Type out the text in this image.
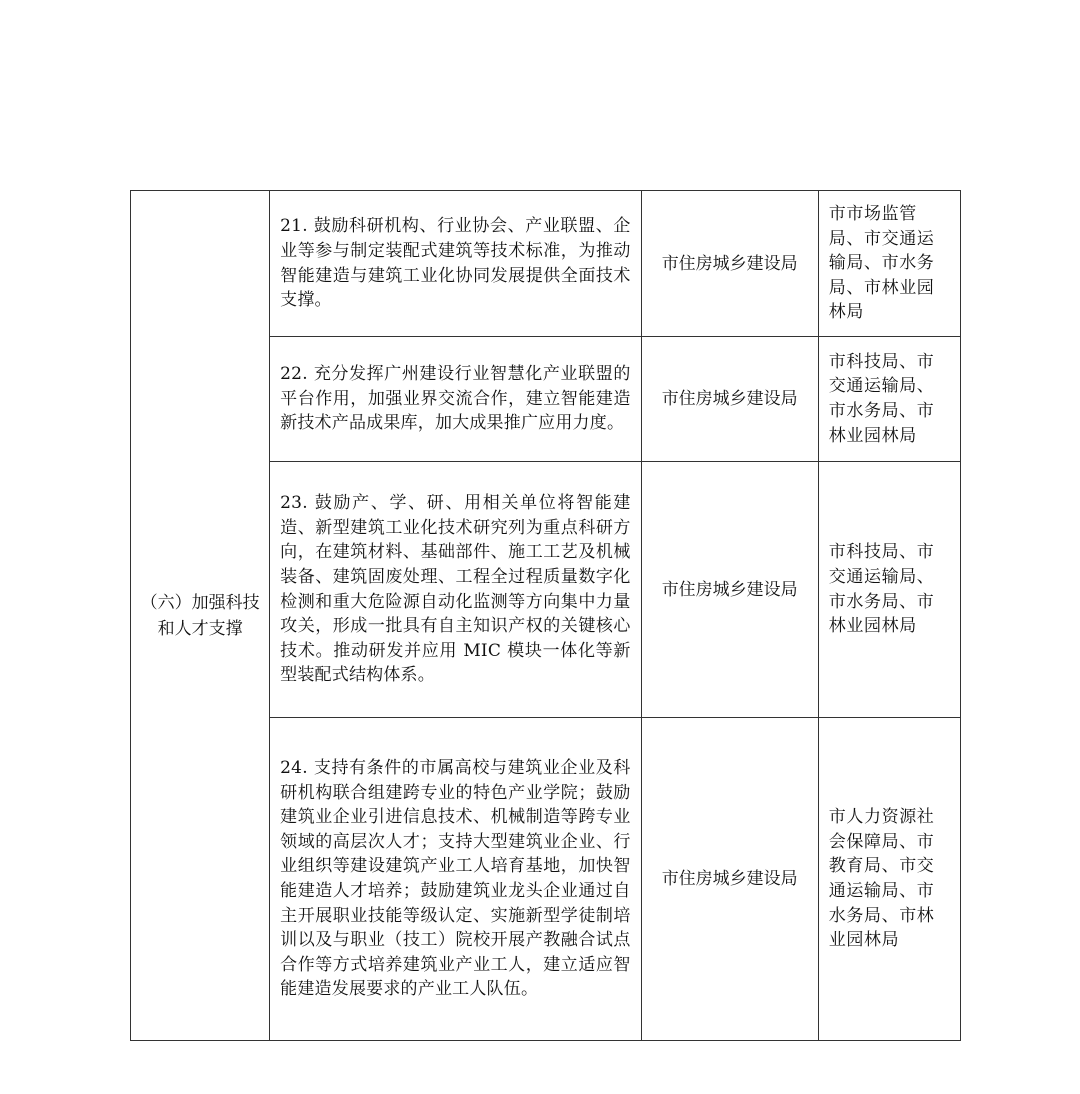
（六）加强科技和人才支撑	21. 鼓励科研机构、行业协会、产业联盟、企业等参与制定装配式建筑等技术标准，为推动智能建造与建筑工业化协同发展提供全面技术支撑。	市住房城乡建设局	市市场监管局、市交通运输局、市水务局、市林业园林局

	22. 充分发挥广州建设行业智慧化产业联盟的平台作用，加强业界交流合作，建立智能建造新技术产品成果库，加大成果推广应用力度。	市住房城乡建设局	市科技局、市交通运输局、市水务局、市林业园林局

	23. 鼓励产、学、研、用相关单位将智能建造、新型建筑工业化技术研究列为重点科研方向，在建筑材料、基础部件、施工工艺及机械装备、建筑固废处理、工程全过程质量数字化检测和重大危险源自动化监测等方向集中力量攻关，形成一批具有自主知识产权的关键核心技术。推动研发并应用 MIC 模块一体化等新型装配式结构体系。	市住房城乡建设局	市科技局、市交通运输局、市水务局、市林业园林局

	24. 支持有条件的市属高校与建筑业企业及科研机构联合组建跨专业的特色产业学院；鼓励建筑业企业引进信息技术、机械制造等跨专业领域的高层次人才；支持大型建筑业企业、行业组织等建设建筑产业工人培育基地，加快智能建造人才培养；鼓励建筑业龙头企业通过自主开展职业技能等级认定、实施新型学徒制培训以及与职业（技工）院校开展产教融合试点合作等方式培养建筑业产业工人，建立适应智能建造发展要求的产业工人队伍。	市住房城乡建设局	市人力资源社会保障局、市教育局、市交通运输局、市水务局、市林业园林局
